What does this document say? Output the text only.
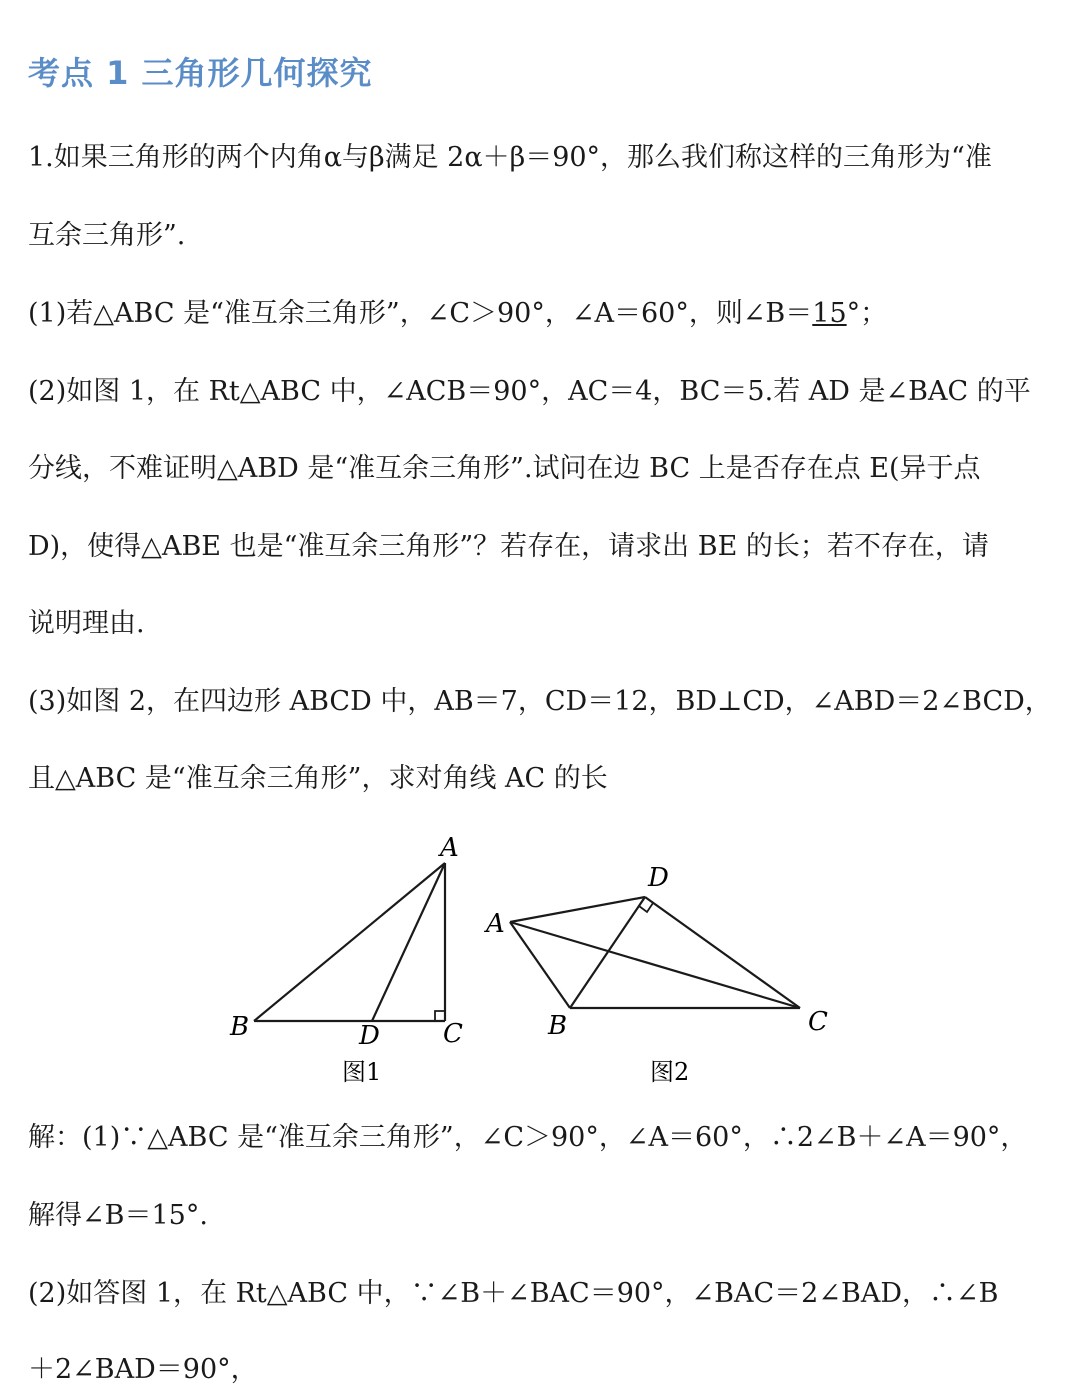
考点 1 三角形几何探究
1.如果三角形的两个内角α与β满足 2α＋β＝90°，那么我们称这样的三角形为“准
互余三角形”.
(1)若△ABC 是“准互余三角形”，∠C＞90°，∠A＝60°，则∠B＝15°；
(2)如图 1，在 Rt△ABC 中，∠ACB＝90°，AC＝4，BC＝5.若 AD 是∠BAC 的平
分线，不难证明△ABD 是“准互余三角形”.试问在边 BC 上是否存在点 E(异于点
D)，使得△ABE 也是“准互余三角形”？若存在，请求出 BE 的长；若不存在，请
说明理由.
(3)如图 2，在四边形 ABCD 中，AB＝7，CD＝12，BD⊥CD，∠ABD＝2∠BCD，
且△ABC 是“准互余三角形”，求对角线 AC 的长
A
B	C
D
图1
A
B	C
D
图2
解：(1)∵△ABC 是“准互余三角形”，∠C＞90°，∠A＝60°，∴2∠B＋∠A＝90°，
解得∠B＝15°.
(2)如答图 1，在 Rt△ABC 中，∵∠B＋∠BAC＝90°，∠BAC＝2∠BAD，∴∠B
＋2∠BAD＝90°，
